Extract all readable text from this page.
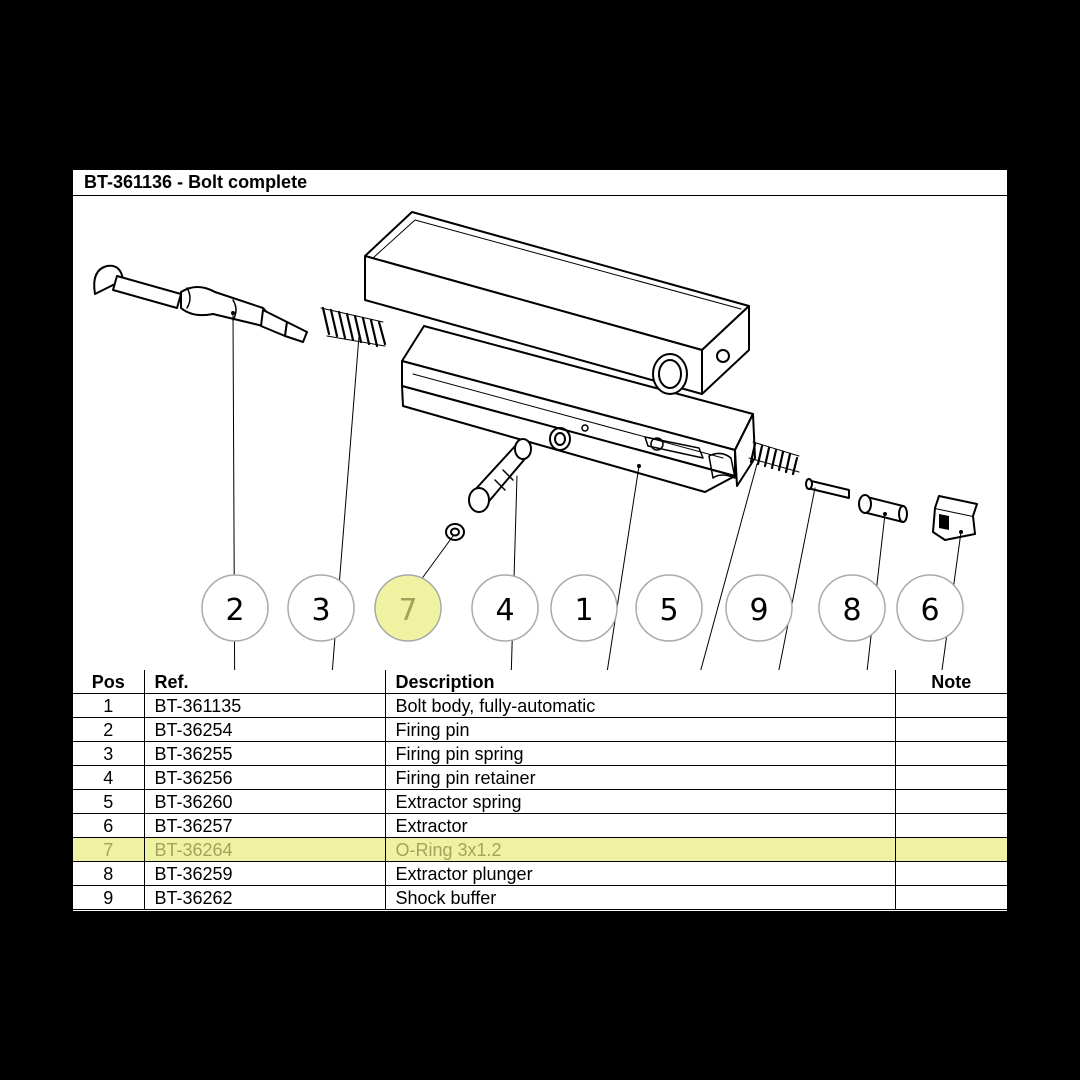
BT-361136 - Bolt complete
2 3 7	4 1 5 9 8 6
Pos	Ref.	Description	Note
1	BT-361135	Bolt body, fully-automatic	
2	BT-36254	Firing pin	
3	BT-36255	Firing pin spring	
4	BT-36256	Firing pin retainer	
5	BT-36260	Extractor spring	
6	BT-36257	Extractor	
7	BT-36264	O-Ring 3x1.2	
8	BT-36259	Extractor plunger	
9	BT-36262	Shock buffer	
